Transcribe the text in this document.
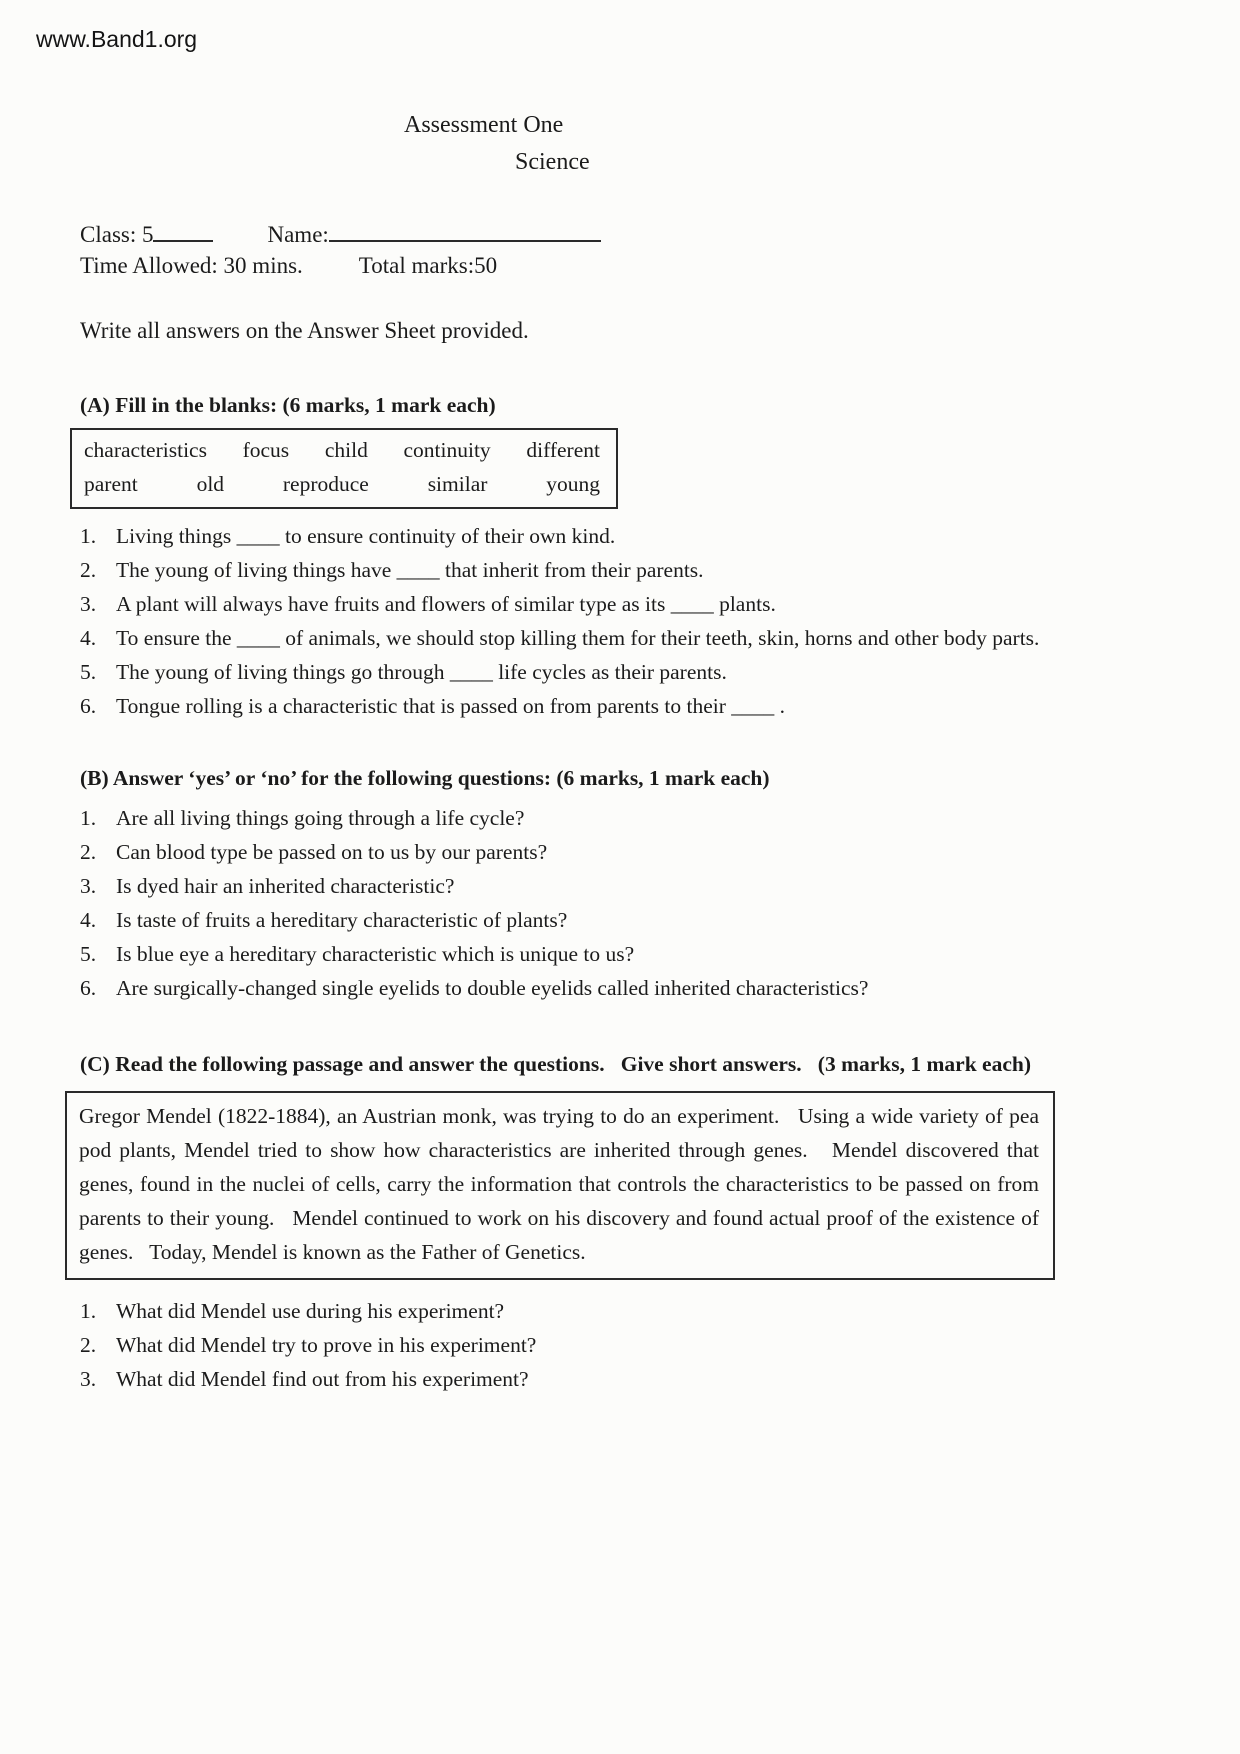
www.Band1.org
Assessment One
Science
Class: 5	Name:
Time Allowed: 30 mins. Total marks:50
Write all answers on the Answer Sheet provided.
(A) Fill in the blanks: (6 marks, 1 mark each)
characteristics focus child continuity different
parent	old	reproduce	similar	young
1. Living things ____ to ensure continuity of their own kind.
2. The young of living things have ____ that inherit from their parents.
3. A plant will always have fruits and flowers of similar type as its ____ plants.
4. To ensure the ____ of animals, we should stop killing them for their teeth, skin, horns and other body parts.
5. The young of living things go through ____ life cycles as their parents.
6. Tongue rolling is a characteristic that is passed on from parents to their ____ .
(B) Answer ‘yes’ or ‘no’ for the following questions: (6 marks, 1 mark each)
1. Are all living things going through a life cycle?
2. Can blood type be passed on to us by our parents?
3. Is dyed hair an inherited characteristic?
4. Is taste of fruits a hereditary characteristic of plants?
5. Is blue eye a hereditary characteristic which is unique to us?
6. Are surgically-changed single eyelids to double eyelids called inherited characteristics?
(C) Read the following passage and answer the questions.   Give short answers.   (3 marks, 1 mark each)
Gregor Mendel (1822-1884), an Austrian monk, was trying to do an experiment.   Using a wide variety of pea pod plants, Mendel tried to show how characteristics are inherited through genes.   Mendel discovered that genes, found in the nuclei of cells, carry the information that controls the characteristics to be passed on from parents to their young.   Mendel continued to work on his discovery and found actual proof of the existence of genes.   Today, Mendel is known as the Father of Genetics.
1. What did Mendel use during his experiment?
2. What did Mendel try to prove in his experiment?
3. What did Mendel find out from his experiment?
